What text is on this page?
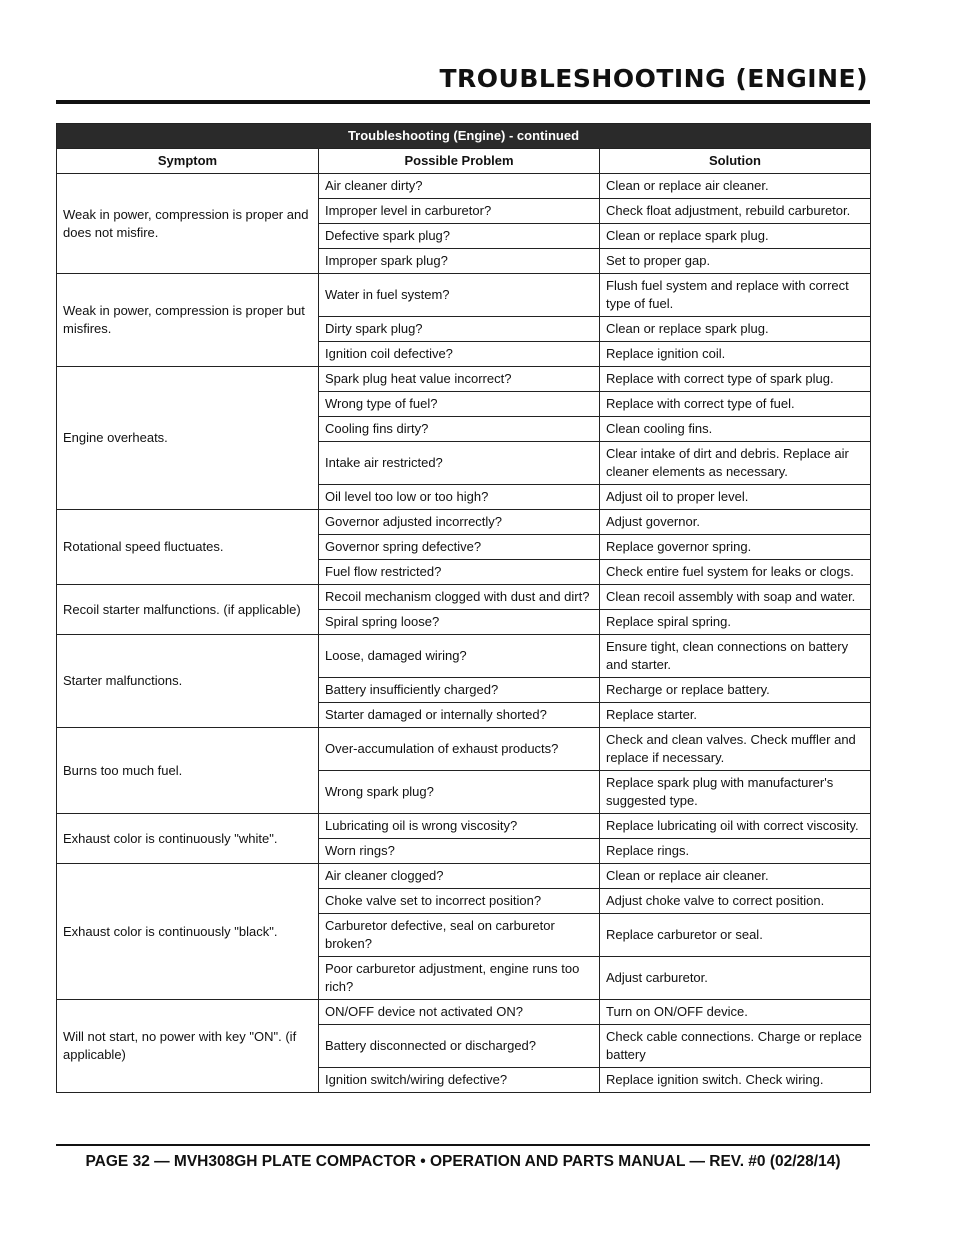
TROUBLESHOOTING (ENGINE)
Troubleshooting (Engine) - continued		
Symptom	Possible Problem	Solution
Weak in power, compression is proper and does not misfire.	Air cleaner dirty?	Clean or replace air cleaner.
	Improper level in carburetor?	Check float adjustment, rebuild carburetor.
	Defective spark plug?	Clean or replace spark plug.
	Improper spark plug?	Set to proper gap.
Weak in power, compression is proper but misfires.	Water in fuel system?	Flush fuel system and replace with correct type of fuel.
	Dirty spark plug?	Clean or replace spark plug.
	Ignition coil defective?	Replace ignition coil.
Engine overheats.	Spark plug heat value incorrect?	Replace with correct type of spark plug.
	Wrong type of fuel?	Replace with correct type of fuel.
	Cooling fins dirty?	Clean cooling fins.
	Intake air restricted?	Clear intake of dirt and debris. Replace air cleaner elements as necessary.
	Oil level too low or too high?	Adjust oil to proper level.
Rotational speed fluctuates.	Governor adjusted incorrectly?	Adjust governor.
	Governor spring defective?	Replace governor spring.
	Fuel flow restricted?	Check entire fuel system for leaks or clogs.
Recoil starter malfunctions. (if applicable)	Recoil mechanism clogged with dust and dirt?	Clean recoil assembly with soap and water.
	Spiral spring loose?	Replace spiral spring.
Starter malfunctions.	Loose, damaged wiring?	Ensure tight, clean connections on battery and starter.
	Battery insufficiently charged?	Recharge or replace battery.
	Starter damaged or internally shorted?	Replace starter.
Burns too much fuel.	Over-accumulation of exhaust products?	Check and clean valves. Check muffler and replace if necessary.
	Wrong spark plug?	Replace spark plug with manufacturer's suggested type.
Exhaust color is continuously "white".	Lubricating oil is wrong viscosity?	Replace lubricating oil with correct viscosity.
	Worn rings?	Replace rings.
Exhaust color is continuously "black".	Air cleaner clogged?	Clean or replace air cleaner.
	Choke valve set to incorrect position?	Adjust choke valve to correct position.
	Carburetor defective, seal on carburetor broken?	Replace carburetor or seal.
	Poor carburetor adjustment, engine runs too rich?	Adjust carburetor.
Will not start, no power with key "ON". (if applicable)	ON/OFF device not activated ON?	Turn on ON/OFF device.
	Battery disconnected or discharged?	Check cable connections. Charge or replace battery
	Ignition switch/wiring defective?	Replace ignition switch. Check wiring.
PAGE 32 — MVH308GH PLATE COMPACTOR • OPERATION AND PARTS MANUAL — REV. #0 (02/28/14)
